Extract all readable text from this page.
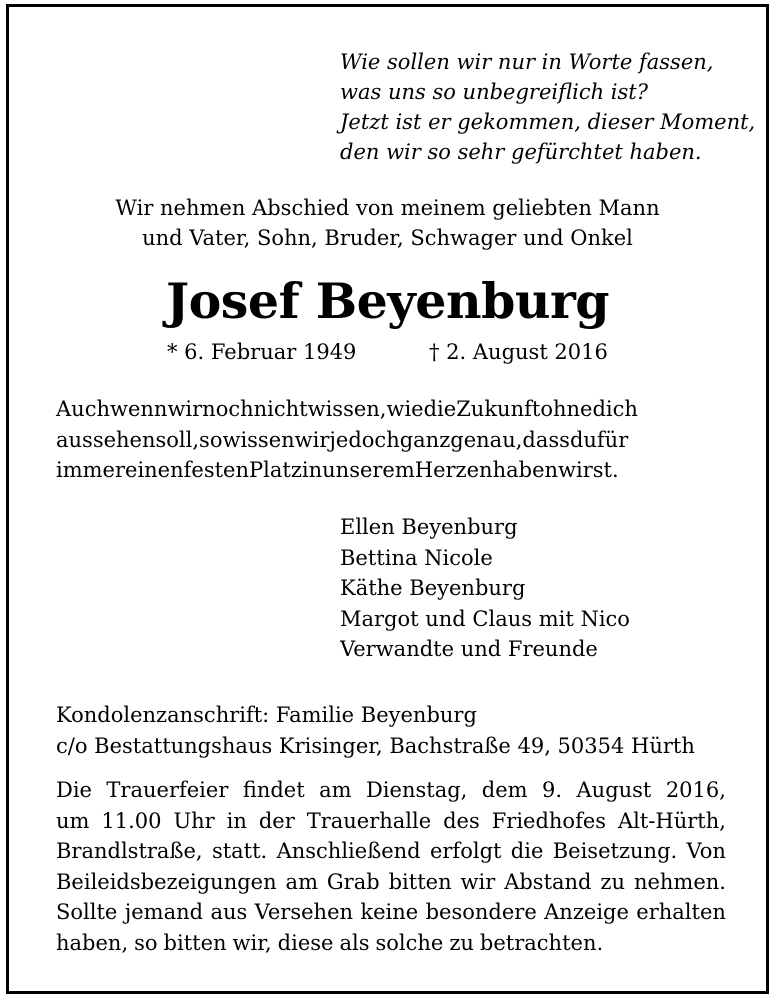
Wie sollen wir nur in Worte fassen,
was uns so unbegreiflich ist?
Jetzt ist er gekommen, dieser Moment,
den wir so sehr gefürchtet haben.
Wir nehmen Abschied von meinem geliebten Mann
und Vater, Sohn, Bruder, Schwager und Onkel
Josef Beyenburg
* 6. Februar 1949	† 2. August 2016
Auchwennwirnochnichtwissen,wiedieZukunftohnedich
aussehensoll,sowissenwirjedochganzgenau,dassdufür
immereinenfestenPlatzinunseremHerzenhabenwirst.
Ellen Beyenburg
Bettina Nicole
Käthe Beyenburg
Margot und Claus mit Nico
Verwandte und Freunde
Kondolenzanschrift: Familie Beyenburg
c/o Bestattungshaus Krisinger, Bachstraße 49, 50354 Hürth
Die Trauerfeier findet am Dienstag, dem 9. August 2016,
um 11.00 Uhr in der Trauerhalle des Friedhofes Alt-Hürth,
Brandlstraße, statt. Anschließend erfolgt die Beisetzung. Von
Beileidsbezeigungen am Grab bitten wir Abstand zu nehmen.
Sollte jemand aus Versehen keine besondere Anzeige erhalten
haben, so bitten wir, diese als solche zu betrachten.
